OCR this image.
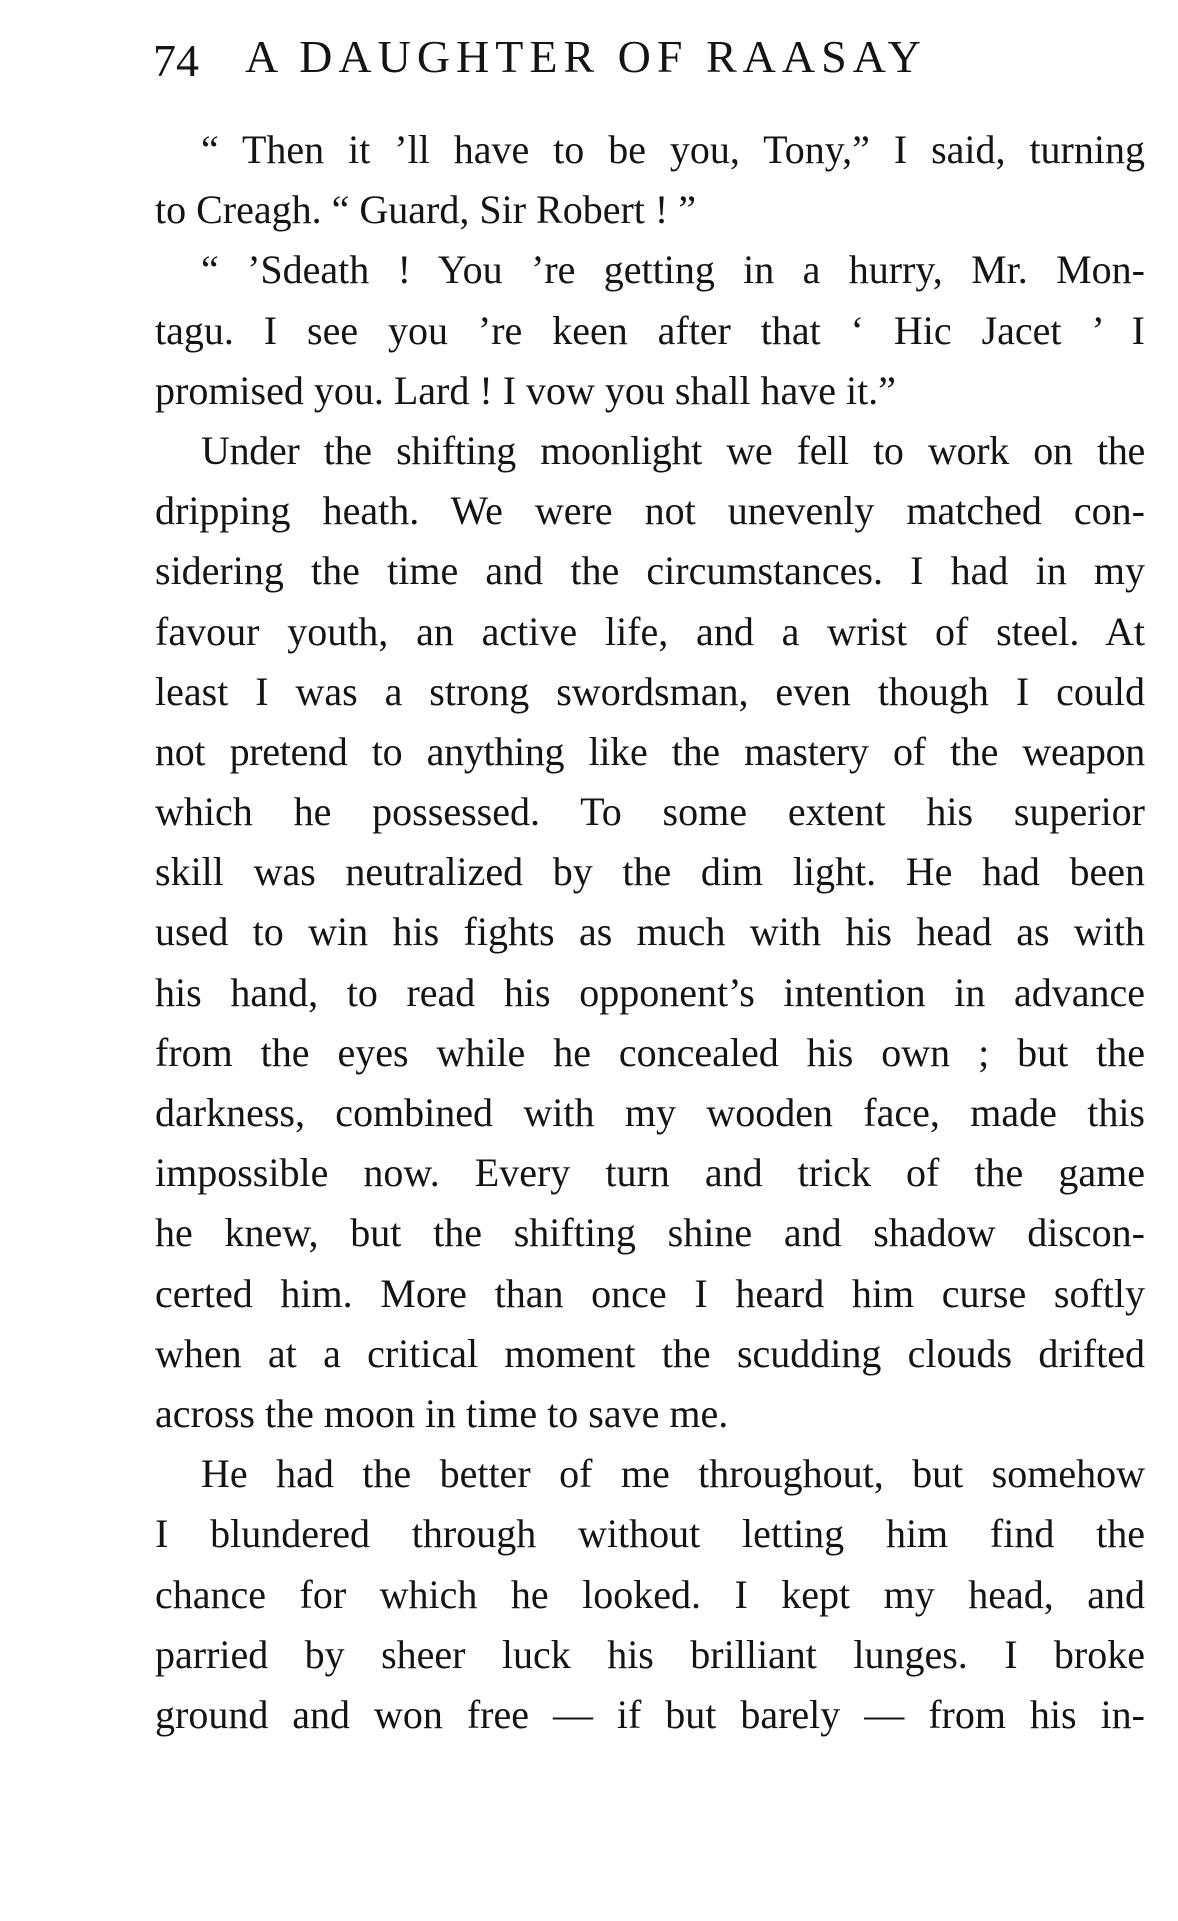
74 A DAUGHTER OF RAASAY
“ Then it ’ll have to be you, Tony,” I said, turning
to Creagh. “ Guard, Sir Robert ! ”
“ ’Sdeath ! You ’re getting in a hurry, Mr. Mon-
tagu. I see you ’re keen after that ‘ Hic Jacet ’ I
promised you. Lard ! I vow you shall have it.”
Under the shifting moonlight we fell to work on the
dripping heath. We were not unevenly matched con-
sidering the time and the circumstances. I had in my
favour youth, an active life, and a wrist of steel. At
least I was a strong swordsman, even though I could
not pretend to anything like the mastery of the weapon
which he possessed. To some extent his superior
skill was neutralized by the dim light. He had been
used to win his fights as much with his head as with
his hand, to read his opponent’s intention in advance
from the eyes while he concealed his own ; but the
darkness, combined with my wooden face, made this
impossible now. Every turn and trick of the game
he knew, but the shifting shine and shadow discon-
certed him. More than once I heard him curse softly
when at a critical moment the scudding clouds drifted
across the moon in time to save me.
He had the better of me throughout, but somehow
I blundered through without letting him find the
chance for which he looked. I kept my head, and
parried by sheer luck his brilliant lunges. I broke
ground and won free — if but barely — from his in-
